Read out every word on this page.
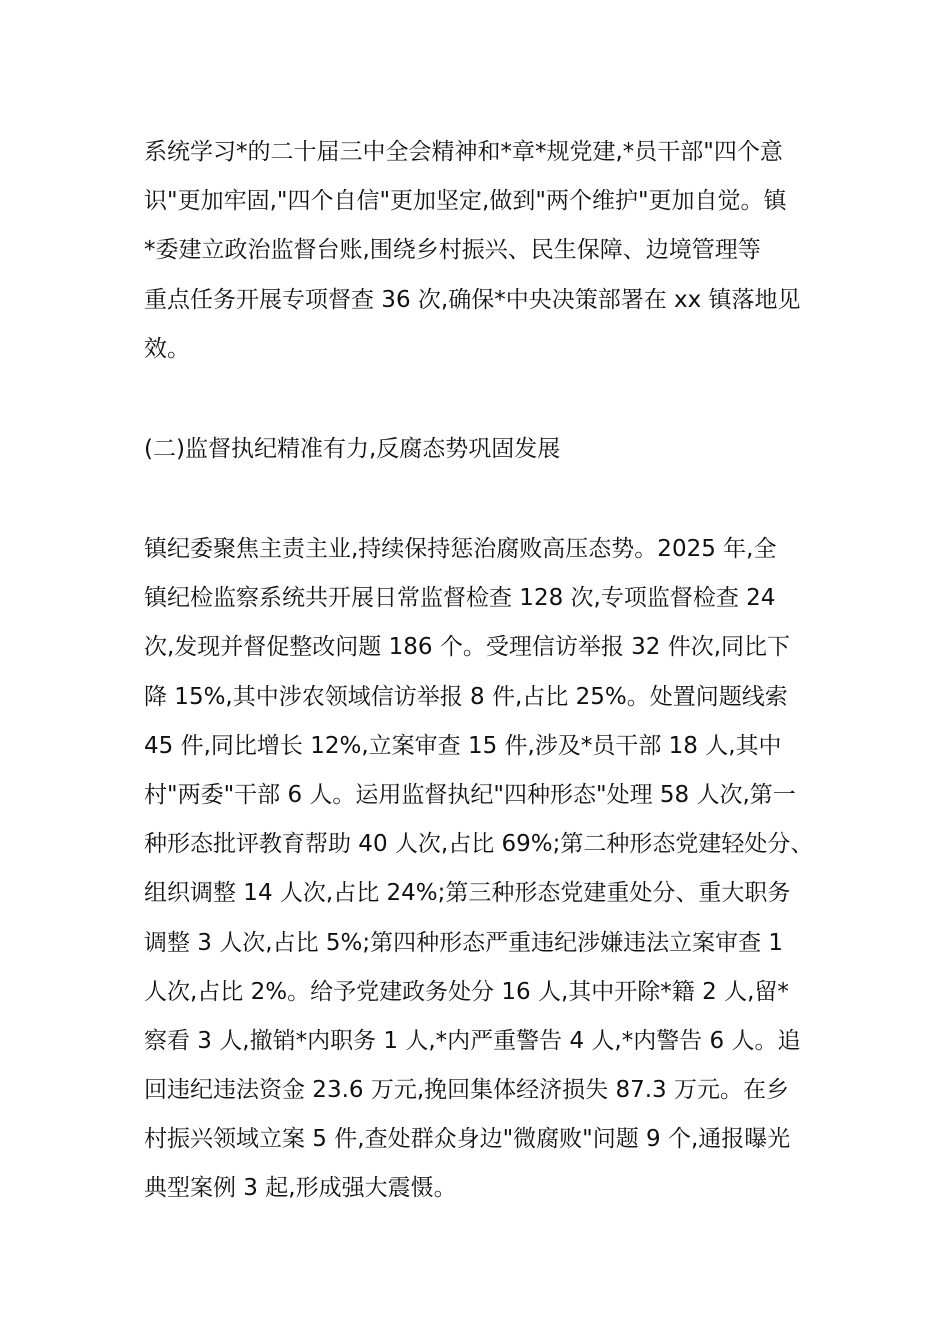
系统学习*的二十届三中全会精神和*章*规党建,*员干部"四个意
识"更加牢固,"四个自信"更加坚定,做到"两个维护"更加自觉。镇
*委建立政治监督台账,围绕乡村振兴、民生保障、边境管理等
重点任务开展专项督查 36 次,确保*中央决策部署在 xx 镇落地见
效。
(二)监督执纪精准有力,反腐态势巩固发展
镇纪委聚焦主责主业,持续保持惩治腐败高压态势。2025 年,全
镇纪检监察系统共开展日常监督检查 128 次,专项监督检查 24
次,发现并督促整改问题 186 个。受理信访举报 32 件次,同比下
降 15%,其中涉农领域信访举报 8 件,占比 25%。处置问题线索
45 件,同比增长 12%,立案审查 15 件,涉及*员干部 18 人,其中
村"两委"干部 6 人。运用监督执纪"四种形态"处理 58 人次,第一
种形态批评教育帮助 40 人次,占比 69%;第二种形态党建轻处分、
组织调整 14 人次,占比 24%;第三种形态党建重处分、重大职务
调整 3 人次,占比 5%;第四种形态严重违纪涉嫌违法立案审查 1
人次,占比 2%。给予党建政务处分 16 人,其中开除*籍 2 人,留*
察看 3 人,撤销*内职务 1 人,*内严重警告 4 人,*内警告 6 人。追
回违纪违法资金 23.6 万元,挽回集体经济损失 87.3 万元。在乡
村振兴领域立案 5 件,查处群众身边"微腐败"问题 9 个,通报曝光
典型案例 3 起,形成强大震慑。
